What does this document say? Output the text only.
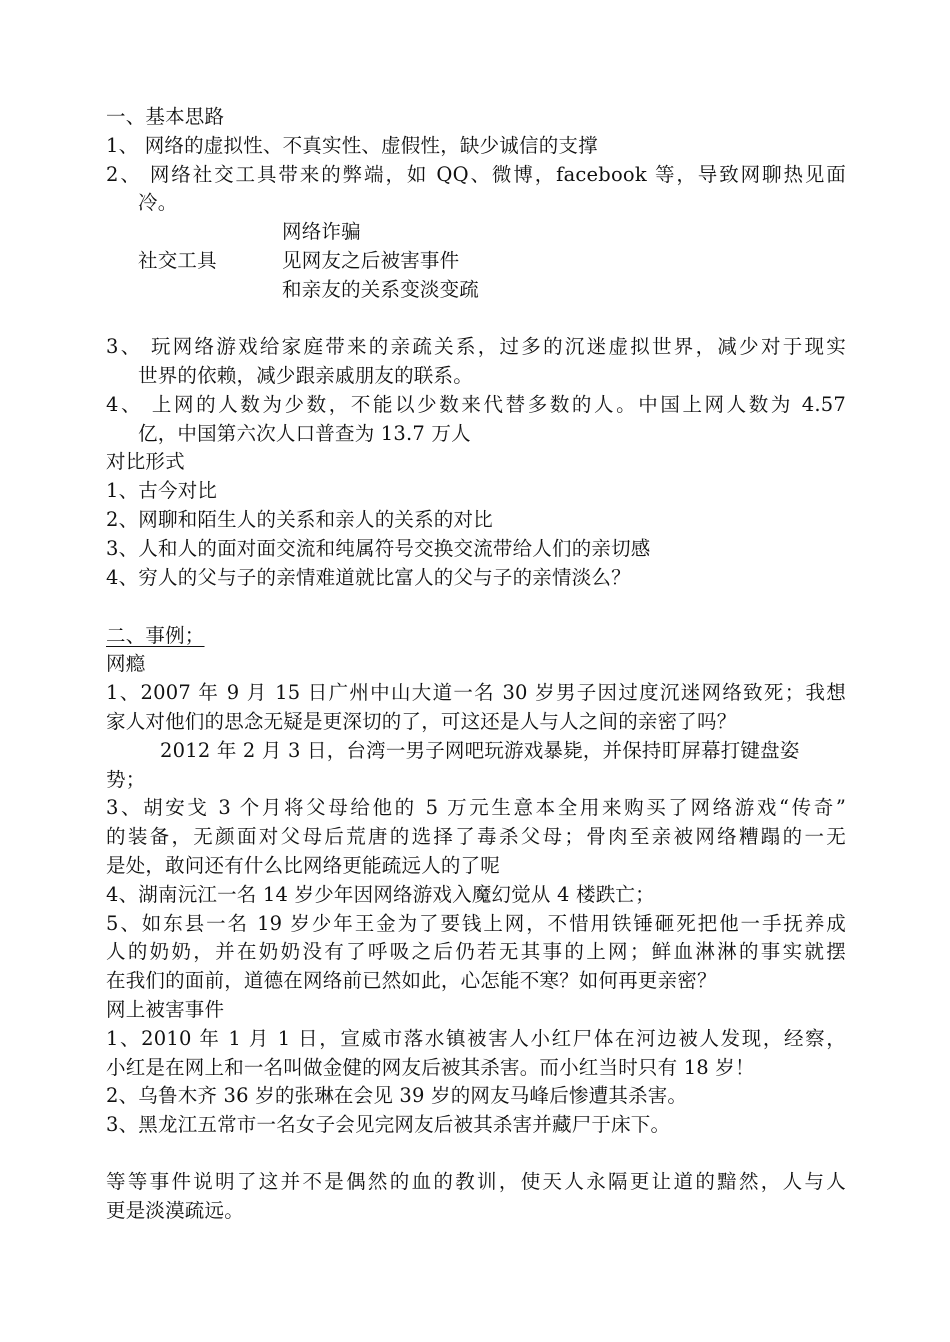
一、基本思路
1、 网络的虚拟性、不真实性、虚假性，缺少诚信的支撑
2、 网络社交工具带来的弊端，如 QQ、微博，facebook 等，导致网聊热见面
冷。
网络诈骗
社交工具	见网友之后被害事件
和亲友的关系变淡变疏
3、 玩网络游戏给家庭带来的亲疏关系，过多的沉迷虚拟世界，减少对于现实
世界的依赖，减少跟亲戚朋友的联系。
4、 上网的人数为少数，不能以少数来代替多数的人。中国上网人数为 4.57
亿，中国第六次人口普查为 13.7 万人
对比形式
1、古今对比
2、网聊和陌生人的关系和亲人的关系的对比
3、人和人的面对面交流和纯属符号交换交流带给人们的亲切感
4、穷人的父与子的亲情难道就比富人的父与子的亲情淡么？
二、事例；
网瘾
1、2007 年 9 月 15 日广州中山大道一名 30 岁男子因过度沉迷网络致死；我想
家人对他们的思念无疑是更深切的了，可这还是人与人之间的亲密了吗？
2012 年 2 月 3 日，台湾一男子网吧玩游戏暴毙，并保持盯屏幕打键盘姿
势；
3、胡安戈 3 个月将父母给他的 5 万元生意本全用来购买了网络游戏“传奇”
的装备，无颜面对父母后荒唐的选择了毒杀父母；骨肉至亲被网络糟蹋的一无
是处，敢问还有什么比网络更能疏远人的了呢
4、湖南沅江一名 14 岁少年因网络游戏入魔幻觉从 4 楼跌亡；
5、如东县一名 19 岁少年王金为了要钱上网，不惜用铁锤砸死把他一手抚养成
人的奶奶，并在奶奶没有了呼吸之后仍若无其事的上网；鲜血淋淋的事实就摆
在我们的面前，道德在网络前已然如此，心怎能不寒？如何再更亲密？
网上被害事件
1、2010 年 1 月 1 日，宣威市落水镇被害人小红尸体在河边被人发现，经察，
小红是在网上和一名叫做金健的网友后被其杀害。而小红当时只有 18 岁！
2、乌鲁木齐 36 岁的张琳在会见 39 岁的网友马峰后惨遭其杀害。
3、黑龙江五常市一名女子会见完网友后被其杀害并藏尸于床下。
等等事件说明了这并不是偶然的血的教训，使天人永隔更让道的黯然，人与人
更是淡漠疏远。
